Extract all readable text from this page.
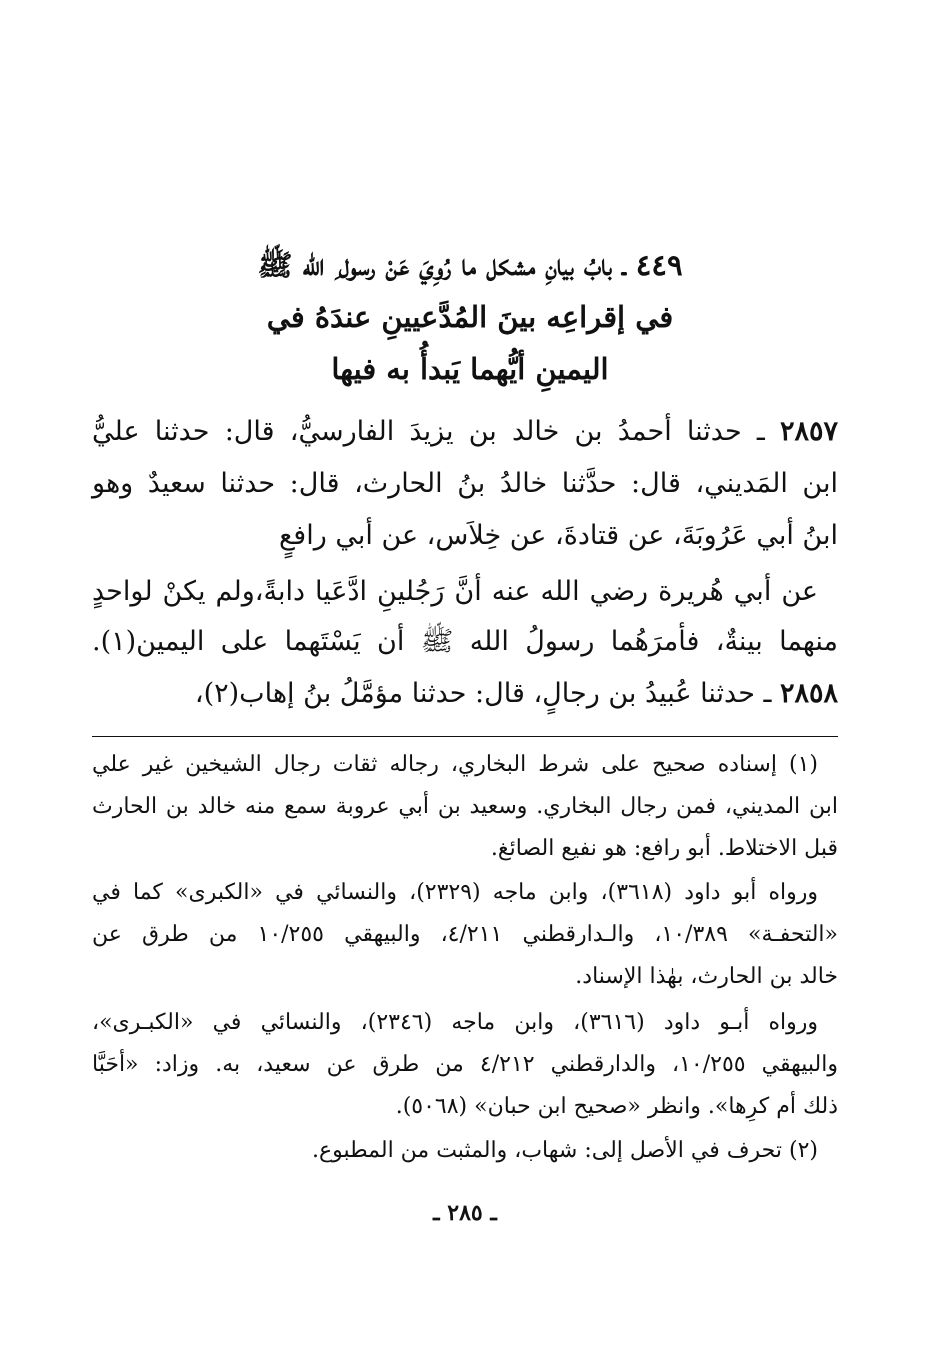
٤٤٩ ـ بابُ بيانِ مشكل ما رُوِيَ عَنْ رسول ِ الله ﷺ
في إقراعِه بينَ المُدَّعيينِ عندَهُ في
اليمينِ أيُّهما يَبدأُ به فيها
٢٨٥٧ ـ حدثنا أحمدُ بن خالد بن يزيدَ الفارسيُّ، قال: حدثنا عليُّ
ابن المَديني، قال: حدَّثنا خالدُ بنُ الحارث، قال: حدثنا سعيدٌ وهو
ابنُ أبي عَرُوبَةَ، عن قتادةَ، عن خِلاَس، عن أبي رافعٍ
عن أبي هُريرة رضي الله عنه أنَّ رَجُلينِ ادَّعَيا دابةً،ولم يكنْ لواحدٍ
منهما بينةٌ، فأمرَهُما رسولُ الله ﷺ أن يَسْتَهما على اليمين(١).
٢٨٥٨ ـ حدثنا عُبيدُ بن رجالٍ، قال: حدثنا مؤمَّلُ بنُ إهاب(٢)،
(١) إسناده صحيح على شرط البخاري، رجاله ثقات رجال الشيخين غير علي
ابن المديني، فمن رجال البخاري. وسعيد بن أبي عروبة سمع منه خالد بن الحارث
قبل الاختلاط. أبو رافع: هو نفيع الصائغ.
ورواه أبو داود (٣٦١٨)، وابن ماجه (٢٣٢٩)، والنسائي في «الكبرى» كما في
«التحفـة» ١٠/٣٨٩، والـدارقطني ٤/٢١١، والبيهقي ١٠/٢٥٥ من طرق عن
خالد بن الحارث، بهٰذا الإسناد.
ورواه أبـو داود (٣٦١٦)، وابن ماجه (٢٣٤٦)، والنسائي في «الكبـرى»،
والبيهقي ١٠/٢٥٥، والدارقطني ٤/٢١٢ من طرق عن سعيد، به. وزاد: «أحَبَّا
ذلك أم كرِها». وانظر «صحيح ابن حبان» (٥٠٦٨).
(٢) تحرف في الأصل إلى: شهاب، والمثبت من المطبوع.
ـ ٢٨٥ ـ
